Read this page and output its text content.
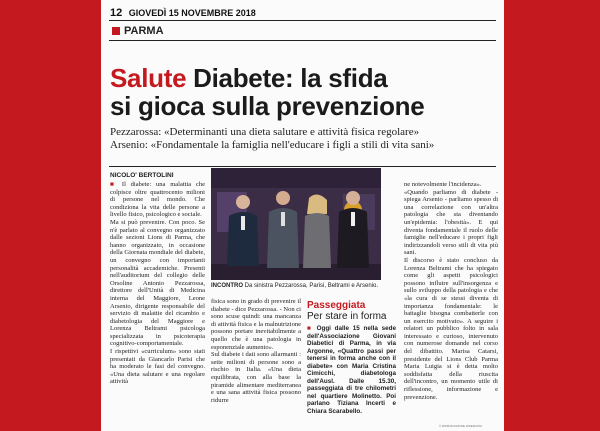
12 GIOVEDÌ 15 NOVEMBRE 2018
PARMA
Salute Diabete: la sfida
si gioca sulla prevenzione
Pezzarossa: «Determinanti una dieta salutare e attività fisica regolare»
Arsenio: «Fondamentale la famiglia nell'educare i figli a stili di vita sani»
NICOLO' BERTOLINI

■ Il diabete: una malattia che colpisce oltre quattrocento milioni di persone nel mondo. Che condiziona la vita delle persone a livello fisico, psicologico e sociale.

Ma si può prevenire. Con poco. Se n'è parlato al convegno organizzato dalle sezioni Lions di Parma, che hanno organizzato, in occasione della Giornata mondiale del diabete, un convegno con importanti personalità accademiche. Presenti nell'auditorium del collegio delle Orsoline Antonio Pezzarossa, direttore dell'Unità di Medicina interna del Maggiore, Leone Arsenio, dirigente responsabile del servizio di malattie del ricambio e diabetologia del Maggiore e Lorenza Beltrami psicologa specializzata in psicoterapia cognitivo-comportamentale.

I rispettivi «curriculum» sono stati presentati da Giancarlo Parisi che ha moderato le fasi del convegno. «Una dieta salutare e una regolare attività

INCONTRO Da sinistra Pezzarossa, Parisi, Beltrami e Arsenio.

fisica sono in grado di prevenire il diabete - dice Pezzarossa. - Non ci sono scuse quindi: una mancanza di attività fisica e la malnutrizione possono portare inevitabilmente a quello che è una patologia in esponenziale aumento».

Sul diabete i dati sono allarmanti : sette milioni di persone sono a rischio in Italia. «Una dieta equilibrata, con alla base la piramide alimentare mediterranea e una sana attività fisica possono ridurre

Passeggiata
Per stare in forma
■ Oggi dalle 15 nella sede dell'Associazione Giovani Diabetici di Parma, in via Argonne, «Quattro passi per tenersi in forma anche con il diabete» con Maria Cristina Cimicchi, diabetologa dell'Ausl. Dalle 15.30, passeggiata di tre chilometri nel quartiere Molinetto. Poi parlano Tiziana Incerti e Chiara Scarabello.

ne notevolmente l'incidenza».

«Quando parliamo di diabete - spiega Arsenio - parliamo spesso di una correlazione con un'altra patologia che sta diventando un'epidemia: l'obesità». E qui diventa fondamentale il ruolo delle famiglie nell'educare i propri figli indirizzandoli verso stili di vita più sani.

Il discorso è stato concluso da Lorenza Beltrami che ha spiegato come gli aspetti psicologici possono influire sull'insorgenza e sullo sviluppo della patologia e che «la cura di se stessi diventa di importanza fondamentale: le battaglie bisogna combatterle con un esercito motivato». A seguire i relatori un pubblico folto in sala interessato e curioso, intervenuto con numerose domande nel corso del dibattito. Marisa Catarsi, presidente del Lions Club Parma Maria Luigia si è detta molto soddisfatta della riuscita dell'incontro, un momento utile di riflessione, informazione e prevenzione.

© RIPRODUZIONE RISERVATA
